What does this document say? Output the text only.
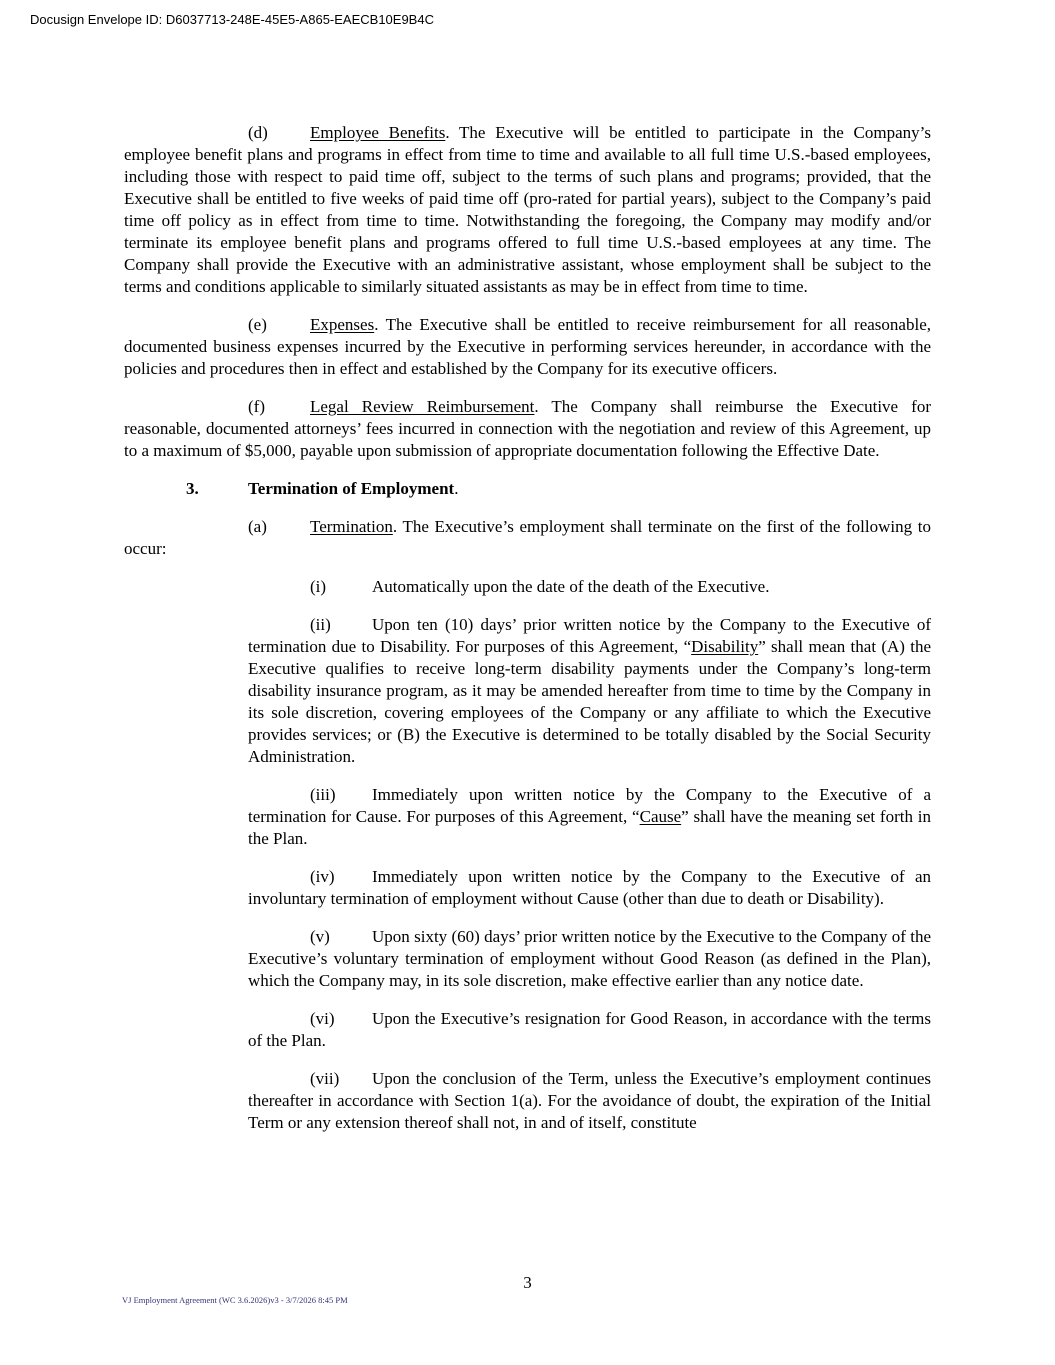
Docusign Envelope ID: D6037713-248E-45E5-A865-EAECB10E9B4C

(d) Employee Benefits. The Executive will be entitled to participate in the Company’s employee benefit plans and programs in effect from time to time and available to all full time U.S.-based employees, including those with respect to paid time off, subject to the terms of such plans and programs; provided, that the Executive shall be entitled to five weeks of paid time off (pro-rated for partial years), subject to the Company’s paid time off policy as in effect from time to time. Notwithstanding the foregoing, the Company may modify and/or terminate its employee benefit plans and programs offered to full time U.S.-based employees at any time. The Company shall provide the Executive with an administrative assistant, whose employment shall be subject to the terms and conditions applicable to similarly situated assistants as may be in effect from time to time.

(e)	Expenses. The Executive shall be entitled to receive reimbursement for all reasonable, documented business expenses incurred by the Executive in performing services hereunder, in accordance with the policies and procedures then in effect and established by the Company for its executive officers.

(f)	Legal Review Reimbursement. The Company shall reimburse the Executive for reasonable, documented attorneys’ fees incurred in connection with the negotiation and review of this Agreement, up to a maximum of $5,000, payable upon submission of appropriate documentation following the Effective Date.

3.	Termination of Employment.

(a)	Termination. The Executive’s employment shall terminate on the first of the following to occur:

(i)	Automatically upon the date of the death of the Executive.

(ii) Upon ten (10) days’ prior written notice by the Company to the Executive of termination due to Disability. For purposes of this Agreement, “Disability” shall mean that (A) the Executive qualifies to receive long-term disability payments under the Company’s long-term disability insurance program, as it may be amended hereafter from time to time by the Company in its sole discretion, covering employees of the Company or any affiliate to which the Executive provides services; or (B) the Executive is determined to be totally disabled by the Social Security Administration.

(iii) Immediately upon written notice by the Company to the Executive of a termination for Cause. For purposes of this Agreement, “Cause” shall have the meaning set forth in the Plan.

(iv) Immediately upon written notice by the Company to the Executive of an involuntary termination of employment without Cause (other than due to death or Disability).

(v) Upon sixty (60) days’ prior written notice by the Executive to the Company of the Executive’s voluntary termination of employment without Good Reason (as defined in the Plan), which the Company may, in its sole discretion, make effective earlier than any notice date.

(vi) Upon the Executive’s resignation for Good Reason, in accordance with the terms of the Plan.

(vii) Upon the conclusion of the Term, unless the Executive’s employment continues thereafter in accordance with Section 1(a). For the avoidance of doubt, the expiration of the Initial Term or any extension thereof shall not, in and of itself, constitute

3
VJ Employment Agreement (WC 3.6.2026)v3 - 3/7/2026 8:45 PM
